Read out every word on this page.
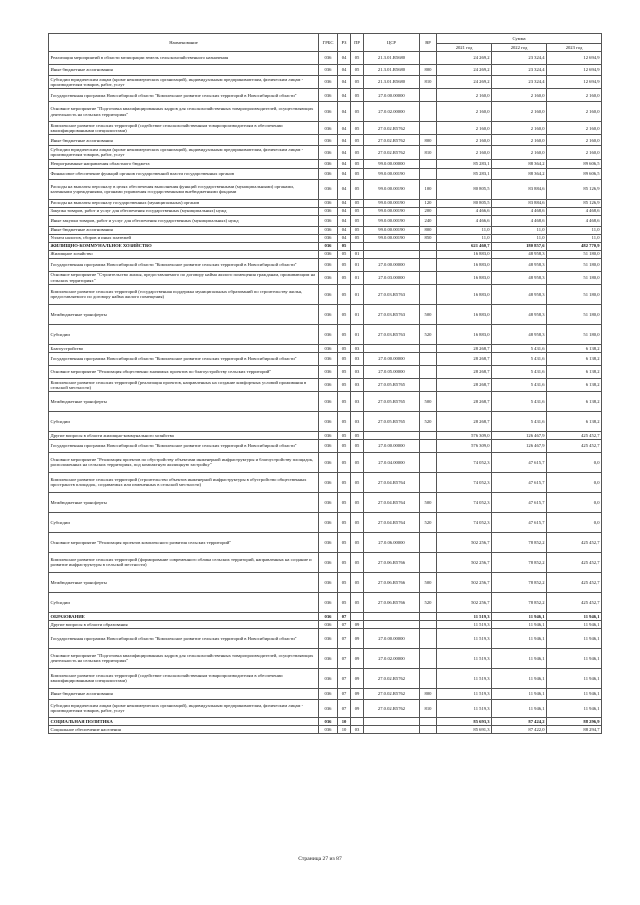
Наименование	ГРБС	РЗ	ПР	ЦСР	ВР	Сумма		
						2021 год	2022 год	2023 год
Реализация мероприятий в области мелиорации земель сельскохозяйственного назначения	036	04	05	21.3.01.R5680		24 269,2	23 324,4	12 694,9
Иные бюджетные ассигнования	036	04	05	21.3.01.R5680	800	24 269,2	23 324,4	12 694,9
Субсидии юридическим лицам (кроме некоммерческих организаций), индивидуальным предпринимателям, физическим лицам - производителям товаров, работ, услуг	036	04	05	21.3.01.R5680	810	24 269,2	23 324,4	12 694,9
Государственная программа Новосибирской области "Комплексное развитие сельских территорий в Новосибирской области"	036	04	05	27.0.00.00000		2 160,0	2 160,0	2 160,0
Основное мероприятие "Подготовка квалифицированных кадров для сельскохозяйственных товаропроизводителей, осуществляющих деятельность на сельских территориях"	036	04	05	27.0.02.00000		2 160,0	2 160,0	2 160,0
Комплексное развитие сельских территорий (содействие сельскохозяйственным товаропроизводителям в обеспечении квалифицированными специалистами)	036	04	05	27.0.02.R5762		2 160,0	2 160,0	2 160,0
Иные бюджетные ассигнования	036	04	05	27.0.02.R5762	800	2 160,0	2 160,0	2 160,0
Субсидии юридическим лицам (кроме некоммерческих организаций), индивидуальным предпринимателям, физическим лицам - производителям товаров, работ, услуг	036	04	05	27.0.02.R5762	810	2 160,0	2 160,0	2 160,0
Непрограммные направления областного бюджета	036	04	05	99.0.00.00000		85 283,1	88 364,2	89 606,5
Финансовое обеспечение функций органов государственной власти государственных органов	036	04	05	99.0.00.00190		85 283,1	88 364,2	89 606,5
Расходы на выплаты персоналу в целях обеспечения выполнения функций государственными (муниципальными) органами, казенными учреждениями, органами управления государственными внебюджетными фондами	036	04	05	99.0.00.00190	100	80 805,5	83 884,6	85 126,9
Расходы на выплаты персоналу государственных (муниципальных) органов	036	04	05	99.0.00.00190	120	80 805,5	83 884,6	85 126,9
Закупка товаров, работ и услуг для обеспечения государственных (муниципальных) нужд	036	04	05	99.0.00.00190	200	4 466,6	4 468,6	4 468,6
Иные закупки товаров, работ и услуг для обеспечения государственных (муниципальных) нужд	036	04	05	99.0.00.00190	240	4 466,6	4 468,6	4 468,6
Иные бюджетные ассигнования	036	04	05	99.0.00.00190	800	11,0	11,0	11,0
Уплата налогов, сборов и иных платежей	036	04	05	99.0.00.00190	850	11,0	11,0	11,0
ЖИЛИЩНО-КОММУНАЛЬНОЕ ХОЗЯЙСТВО	036	05				621 460,7	180 857,6	482 770,9
Жилищное хозяйство	036	05	01			16 883,0	48 958,3	51 180,0
Государственная программа Новосибирской области "Комплексное развитие сельских территорий в Новосибирской области"	036	05	01	27.0.00.00000		16 883,0	48 958,3	51 180,0
Основное мероприятие "Строительство жилья, предоставляемого по договору найма жилого помещения гражданам, проживающим на сельских территориях"	036	05	01	27.0.03.00000		16 883,0	48 958,3	51 180,0
Комплексное развитие сельских территорий (государственная поддержка муниципальных образований по строительству жилья, предоставляемого по договору найма жилого помещения)	036	05	01	27.0.03.R5763		16 883,0	48 958,3	51 180,0
Межбюджетные трансферты	036	05	01	27.0.03.R5763	500	16 883,0	48 958,3	51 180,0
Субсидии	036	05	01	27.0.03.R5763	520	16 883,0	48 958,3	51 180,0
Благоустройство	036	05	03			28 268,7	5 431,6	6 138,2
Государственная программа Новосибирской области "Комплексное развитие сельских территорий в Новосибирской области"	036	05	03	27.0.00.00000		28 268,7	5 431,6	6 138,2
Основное мероприятие "Реализация общественно значимых проектов по благоустройству сельских территорий"	036	05	03	27.0.05.00000		28 268,7	5 431,6	6 138,2
Комплексное развитие сельских территорий (реализация проектов, направленных на создание комфортных условий проживания в сельской местности)	036	05	03	27.0.05.R5765		28 268,7	5 431,6	6 138,2
Межбюджетные трансферты	036	05	03	27.0.05.R5765	500	28 268,7	5 431,6	6 138,2
Субсидии	036	05	03	27.0.05.R5765	520	28 268,7	5 431,6	6 138,2
Другие вопросы в области жилищно-коммунального хозяйства	036	05	05			576 309,0	126 467,9	425 452,7
Государственная программа Новосибирской области "Комплексное развитие сельских территорий в Новосибирской области"	036	05	05	27.0.00.00000		576 309,0	126 467,9	425 452,7
Основное мероприятие "Реализация проектов по обустройству объектами инженерной инфраструктуры и благоустройству площадок, расположенных на сельских территориях, под компактную жилищную застройку"	036	05	05	27.0.04.00000		74 052,3	47 615,7	0,0
Комплексное развитие сельских территорий (строительство объектов инженерной инфраструктуры в обустройство общественных пространств площадок, создаваемых или измененных в сельской местности)	036	05	05	27.0.04.R5764		74 052,3	47 615,7	0,0
Межбюджетные трансферты	036	05	05	27.0.04.R5764	500	74 052,3	47 615,7	0,0
Субсидии	036	05	05	27.0.04.R5764	520	74 052,3	47 615,7	0,0
Основное мероприятие "Реализация проектов комплексного развития сельских территорий"	036	05	05	27.0.06.00000		502 256,7	78 852,2	425 452,7
Комплексное развитие сельских территорий (формирование современного облика сельских территорий, направленных на создание и развитие инфраструктуры в сельской местности)	036	05	05	27.0.06.R5766		502 256,7	78 852,2	425 452,7
Межбюджетные трансферты	036	05	05	27.0.06.R5766	500	502 256,7	78 852,2	425 452,7
Субсидии	036	05	05	27.0.06.R5766	520	502 256,7	78 852,2	425 452,7
ОБРАЗОВАНИЕ	036	07				11 519,3	11 946,1	11 946,1
Другие вопросы в области образования	036	07	09			11 519,3	11 946,1	11 946,1
Государственная программа Новосибирской области "Комплексное развитие сельских территорий в Новосибирской области"	036	07	09	27.0.00.00000		11 519,3	11 946,1	11 946,1
Основное мероприятие "Подготовка квалифицированных кадров для сельскохозяйственных товаропроизводителей, осуществляющих деятельность на сельских территориях"	036	07	09	27.0.02.00000		11 519,3	11 946,1	11 946,1
Комплексное развитие сельских территорий (содействие сельскохозяйственным товаропроизводителям в обеспечении квалифицированными специалистами)	036	07	09	27.0.02.R5762		11 519,3	11 946,1	11 946,1
Иные бюджетные ассигнования	036	07	09	27.0.02.R5762	800	11 519,3	11 946,1	11 946,1
Субсидии юридическим лицам (кроме некоммерческих организаций), индивидуальным предпринимателям, физическим лицам - производителям товаров, работ, услуг	036	07	09	27.0.02.R5762	810	11 519,3	11 946,1	11 946,1
СОЦИАЛЬНАЯ ПОЛИТИКА	036	10				85 693,3	87 424,2	88 296,9
Социальное обеспечение населения	036	10	03			85 691,3	87 422,0	88 294,7
Страница 27 из 87
